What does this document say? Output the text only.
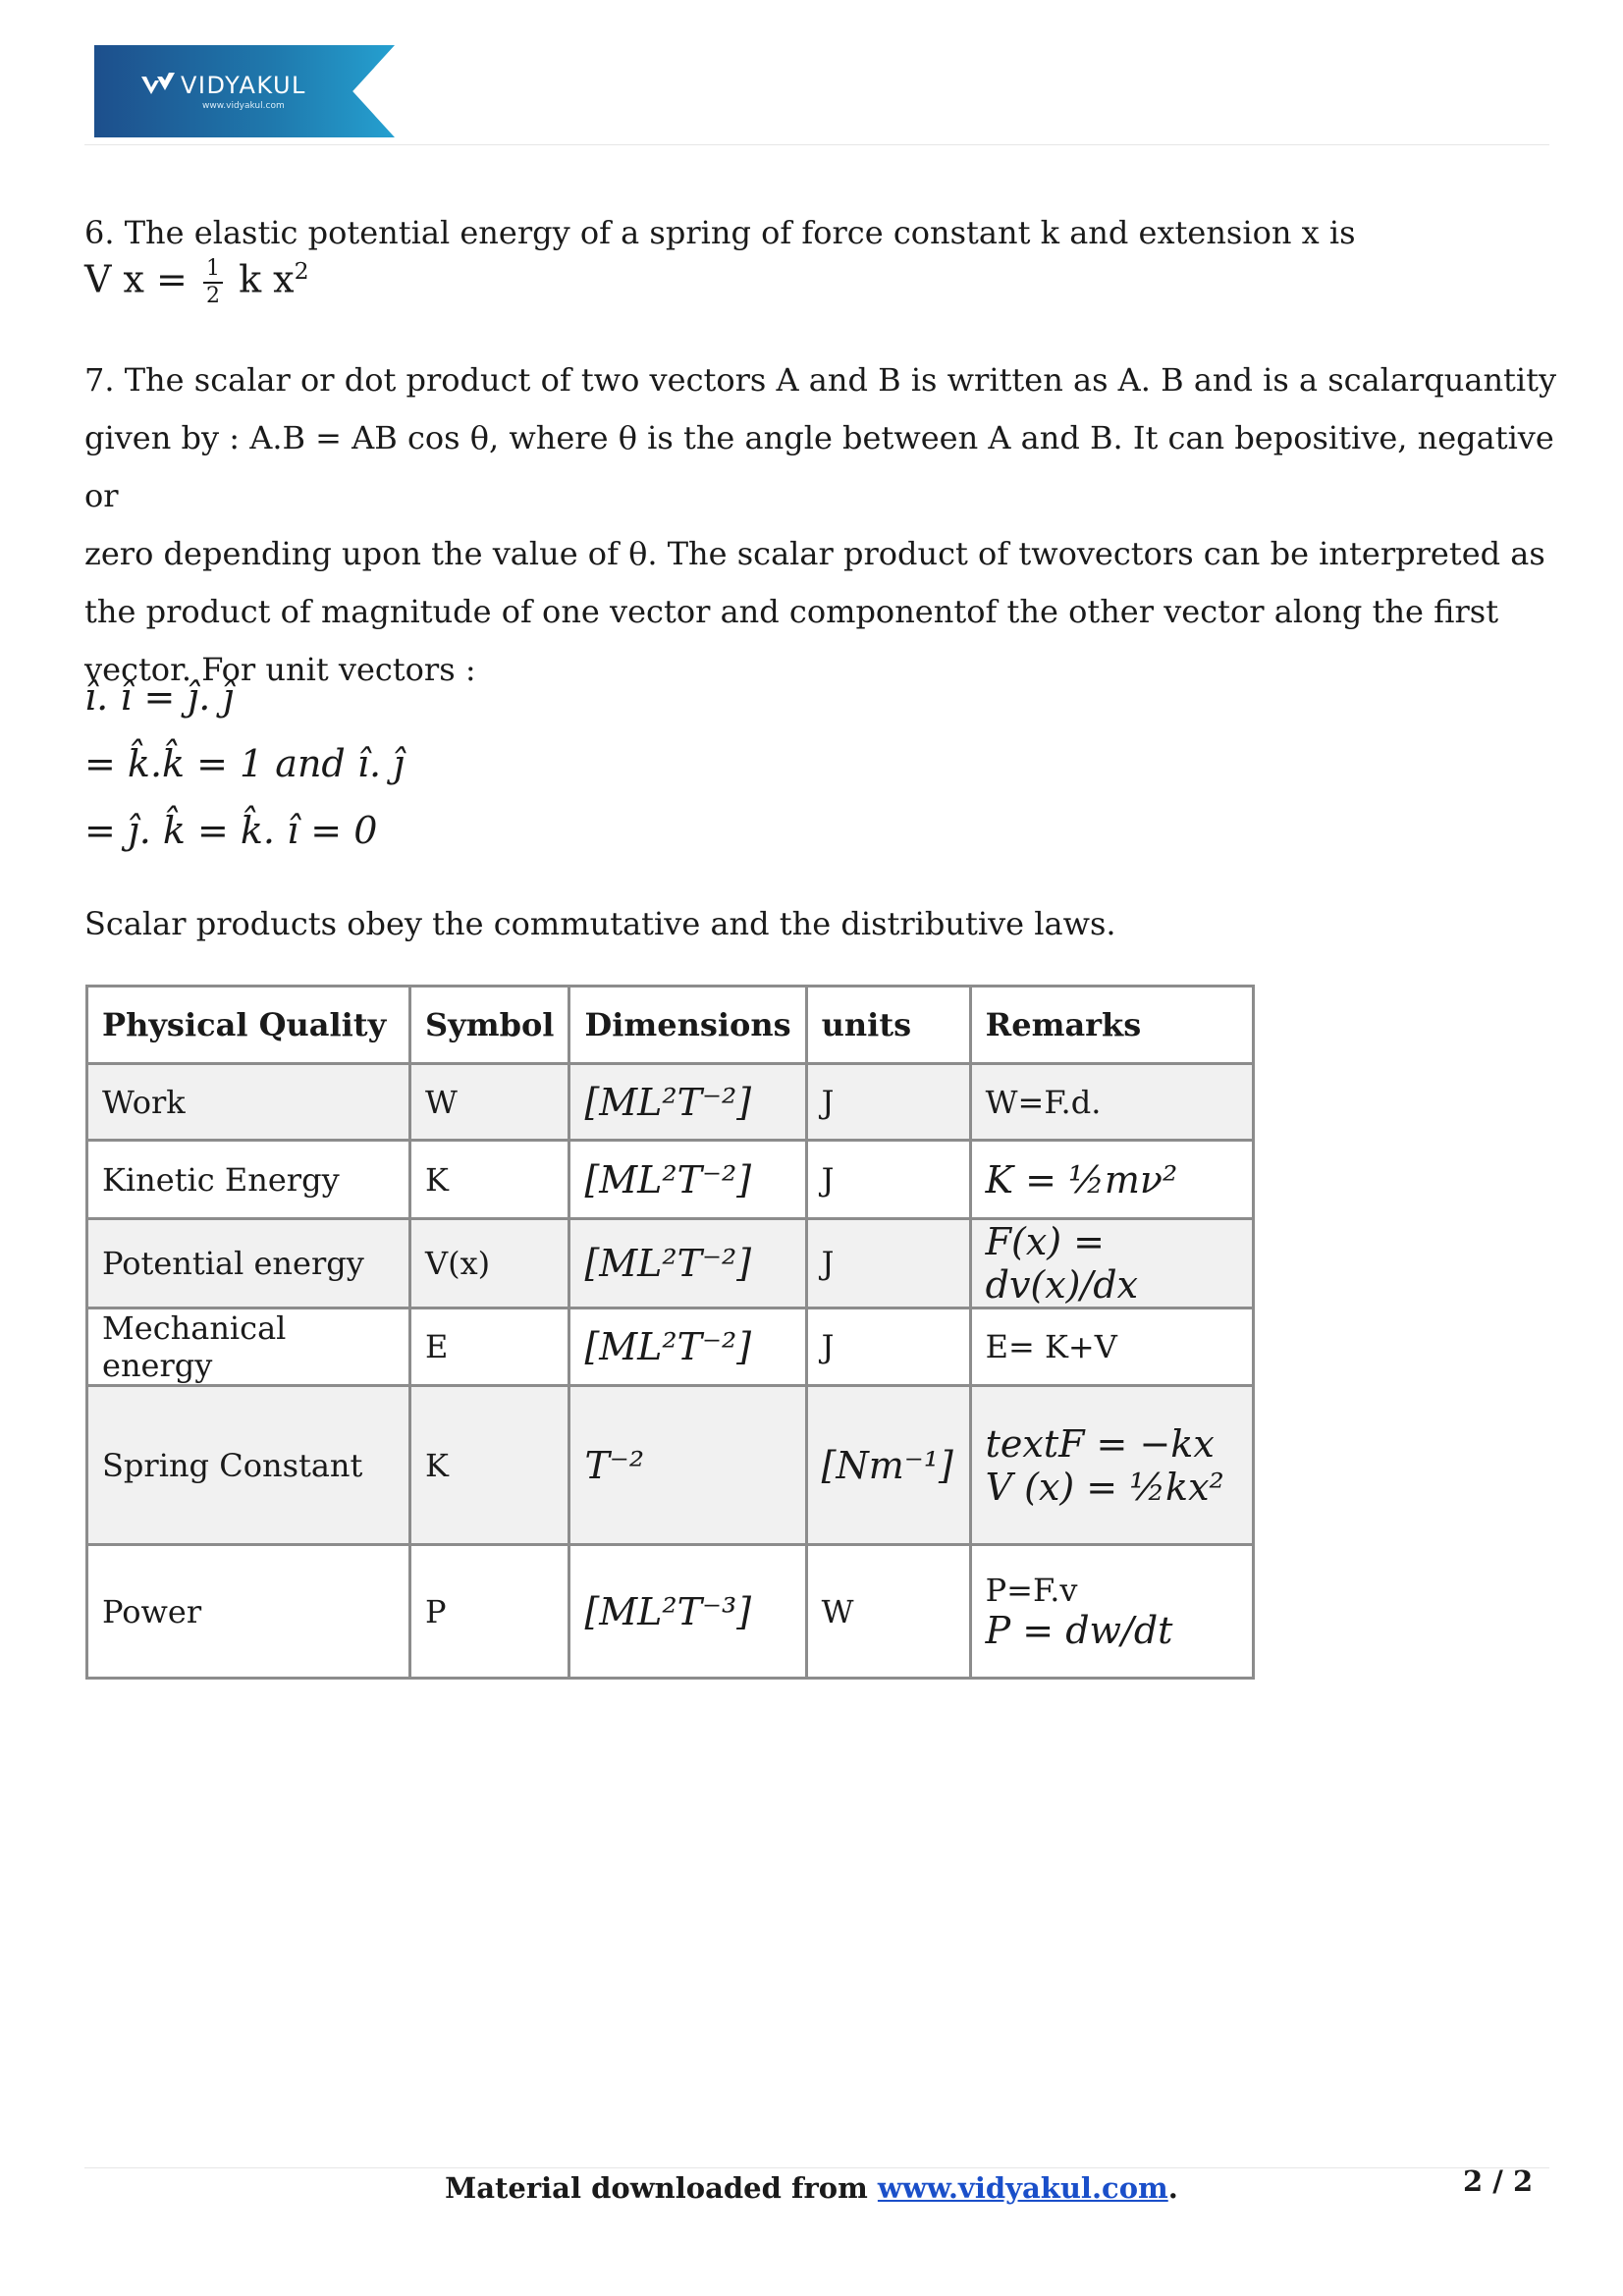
VIDYAKUL
www.vidyakul.com
6. The elastic potential energy of a spring of force constant k and extension x is
V $x = \frac{1}{2}$ k $x^2$
7. The scalar or dot product of two vectors A and B is written as A. B and is a scalarquantity
given by : A.B = AB cos θ, where θ is the angle between A and B. It can bepositive, negative or
zero depending upon the value of θ. The scalar product of twovectors can be interpreted as
the product of magnitude of one vector and componentof the other vector along the first
vector. For unit vectors :
î. î = ĵ. ĵ
= k̂.k̂ = 1 and î. ĵ
= ĵ. k̂ = k̂. î = 0
Scalar products obey the commutative and the distributive laws.
Physical Quality	Symbol	Dimensions	units	Remarks
Work	W	[ML²T⁻²]	J	W=F.d.
Kinetic Energy	K	[ML²T⁻²]	J	K = ½mν²
Potential energy	V(x)	[ML²T⁻²]	J	F(x) = dv(x)/dx
Mechanical energy	E	[ML²T⁻²]	J	E= K+V
Spring Constant	K	T⁻²	[Nm⁻¹]	textF = −kx
V (x) = ½kx²

Power	P	[ML²T⁻³]	W	P=F.v
P = dw/dt
Material downloaded from www.vidyakul.com.	2 / 2
